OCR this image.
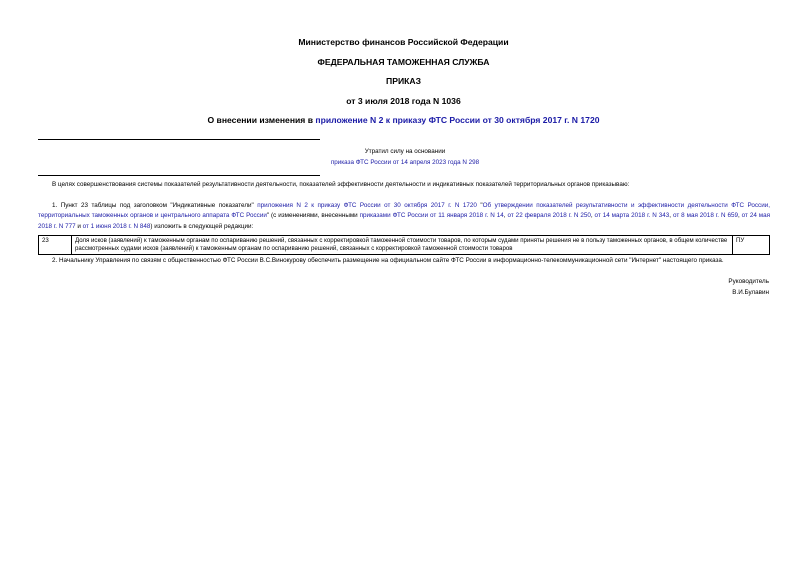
Министерство финансов Российской Федерации
ФЕДЕРАЛЬНАЯ ТАМОЖЕННАЯ СЛУЖБА
ПРИКАЗ
от 3 июля 2018 года N 1036
О внесении изменения в приложение N 2 к приказу ФТС России от 30 октября 2017 г. N 1720
Утратил силу на основании
приказа ФТС России от 14 апреля 2023 года N 298
В целях совершенствования системы показателей результативности деятельности, показателей эффективности деятельности и индикативных показателей территориальных органов приказываю:
1. Пункт 23 таблицы под заголовком "Индикативные показатели" приложения N 2 к приказу ФТС России от 30 октября 2017 г. N 1720 "Об утверждении показателей результативности и эффективности деятельности ФТС России, территориальных таможенных органов и центрального аппарата ФТС России" (с изменениями, внесенными приказами ФТС России от 11 января 2018 г. N 14, от 22 февраля 2018 г. N 250, от 14 марта 2018 г. N 343, от 8 мая 2018 г. N 659, от 24 мая 2018 г. N 777 и от 1 июня 2018 г. N 848) изложить в следующей редакции:
23	Доля исков (заявлений) к таможенным органам по оспариванию решений, связанных с корректировкой таможенной стоимости товаров, по которым судами приняты решения не в пользу таможенных органов, в общем количестве рассмотренных судами исков (заявлений) к таможенным органам по оспариванию решений, связанных с корректировкой таможенной стоимости товаров	ПУ
2. Начальнику Управления по связям с общественностью ФТС России В.С.Винокурову обеспечить размещение на официальном сайте ФТС России в информационно-телекоммуникационной сети "Интернет" настоящего приказа.
Руководитель
В.И.Булавин
